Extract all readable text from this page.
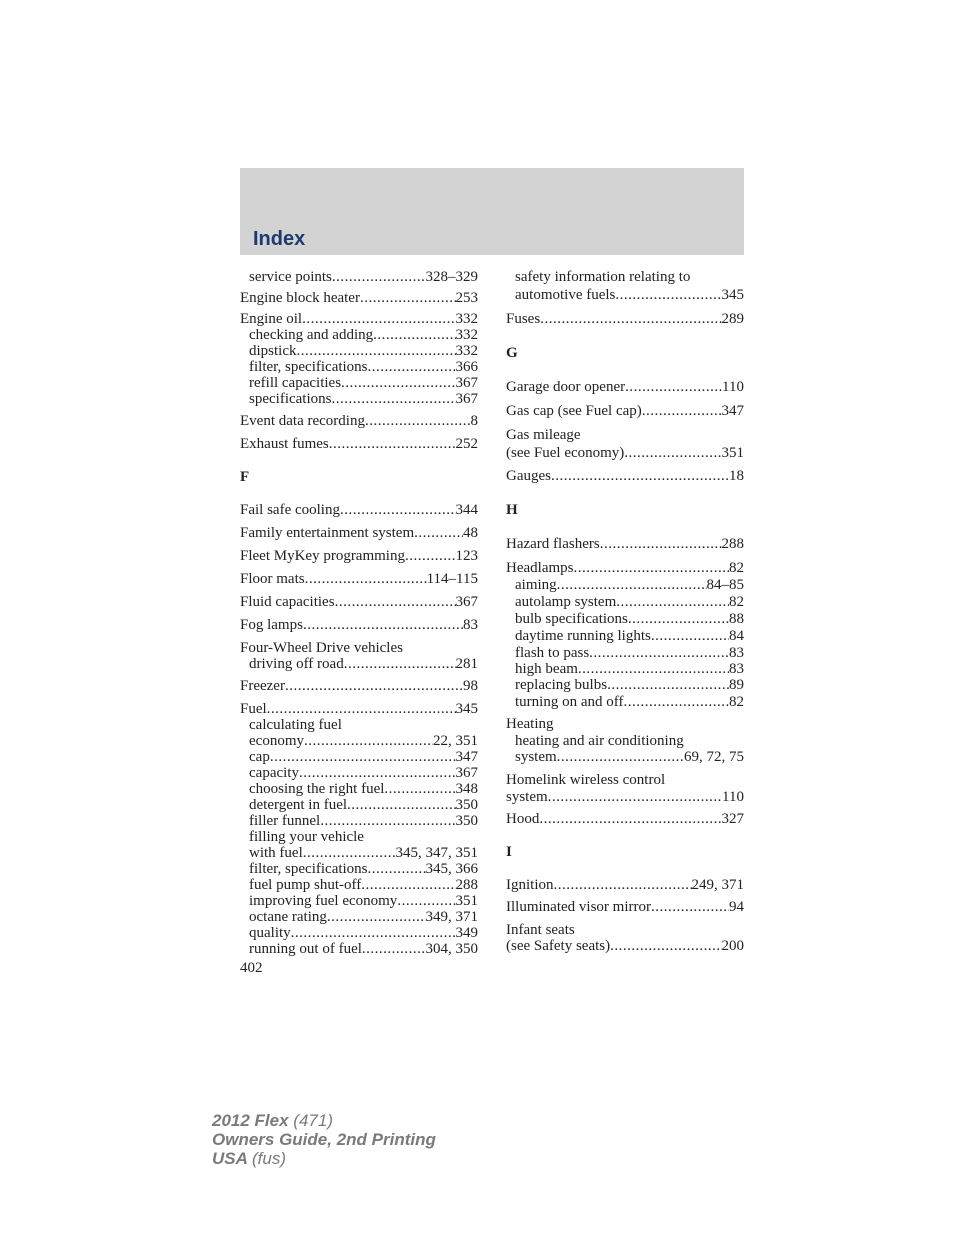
Index
service points .....	328–329
Engine block heater .....	253
Engine oil .....	332
checking and adding .....	332
dipstick .....	332
filter, specifications .....	366
refill capacities .....	367
specifications .....	367
Event data recording .....	8
Exhaust fumes .....	252
F
Fail safe cooling .....	344
Family entertainment system .....	48
Fleet MyKey programming .....	123
Floor mats .....	114–115
Fluid capacities .....	367
Fog lamps .....	83
Four-Wheel Drive vehicles
driving off road .....	281
Freezer .....	98
Fuel .....	345
calculating fuel
economy .....	22, 351
cap .....	347
capacity .....	367
choosing the right fuel .....	348
detergent in fuel .....	350
filler funnel .....	350
filling your vehicle
with fuel .....	345, 347, 351
filter, specifications .....	345, 366
fuel pump shut-off .....	288
improving fuel economy .....	351
octane rating .....	349, 371
quality .....	349
running out of fuel .....	304, 350
402
safety information relating to
automotive fuels .....	345
Fuses .....	289
G
Garage door opener .....	110
Gas cap (see Fuel cap) .....	347
Gas mileage
(see Fuel economy) .....	351
Gauges .....	18
H
Hazard flashers .....	288
Headlamps .....	82
aiming .....	84–85
autolamp system .....	82
bulb specifications .....	88
daytime running lights .....	84
flash to pass .....	83
high beam .....	83
replacing bulbs .....	89
turning on and off .....	82
Heating
heating and air conditioning
system .....	69, 72, 75
Homelink wireless control
system .....	110
Hood .....	327
I
Ignition .....	249, 371
Illuminated visor mirror .....	94
Infant seats
(see Safety seats) .....	200
2012 Flex (471)
Owners Guide, 2nd Printing
USA (fus)
